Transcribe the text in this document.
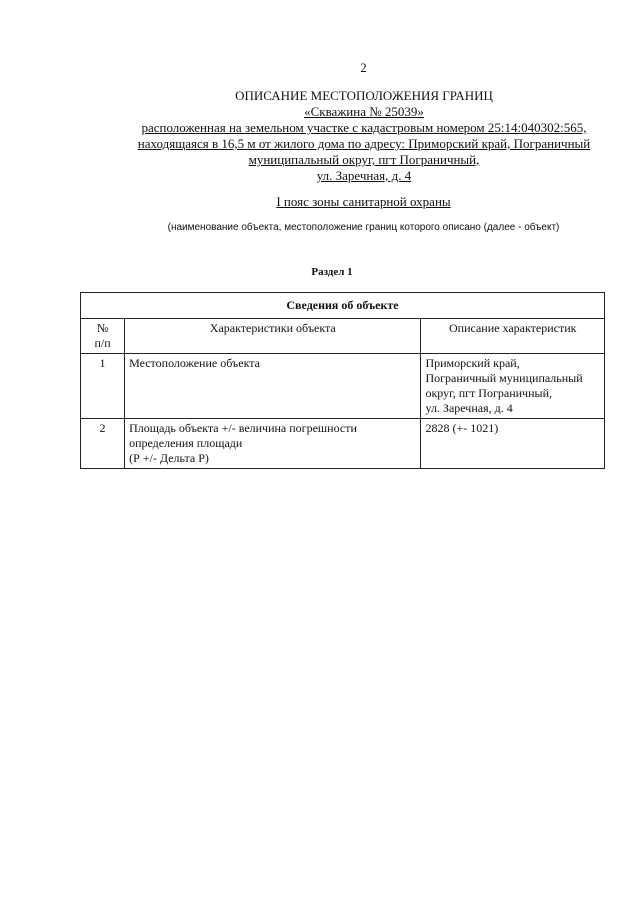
2
ОПИСАНИЕ МЕСТОПОЛОЖЕНИЯ ГРАНИЦ
«Скважина № 25039»
расположенная на земельном участке с кадастровым номером 25:14:040302:565,
находящаяся в 16,5 м от жилого дома по адресу: Приморский край, Пограничный
муниципальный округ, пгт Пограничный,
ул. Заречная, д. 4
I пояс зоны санитарной охраны
(наименование объекта, местоположение границ которого описано (далее - объект)
Раздел 1
Сведения об объекте		
№
п/п	Характеристики объекта	Описание характеристик
1	Местоположение объекта	Приморский край,
Пограничный муниципальный
округ, пгт Пограничный,
ул. Заречная, д. 4
2	Площадь объекта +/- величина погрешности
определения площади
(Р +/- Дельта Р)	2828 (+- 1021)
